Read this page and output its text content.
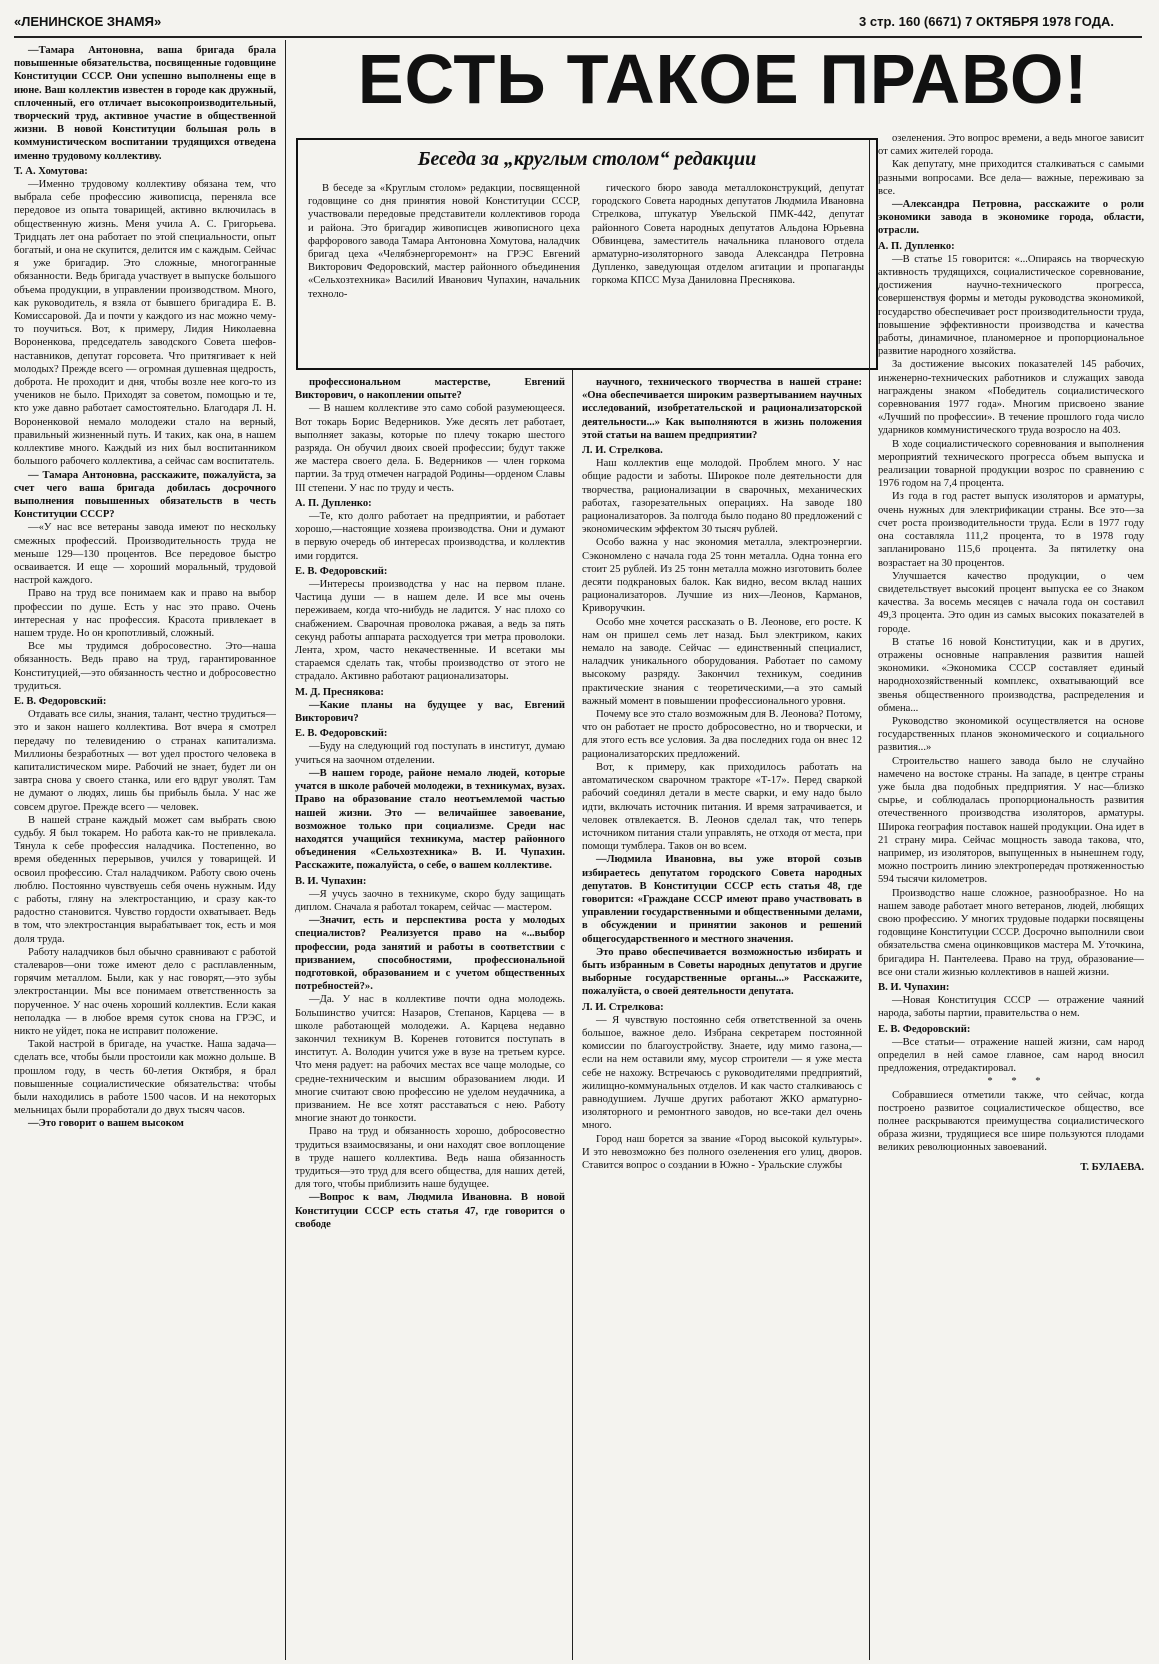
«ЛЕНИНСКОЕ ЗНАМЯ»	3 стр. 160 (6671) 7 ОКТЯБРЯ 1978 ГОДА.
ЕСТЬ ТАКОЕ ПРАВО!
Беседа за „круглым столом“ редакции

В беседе за «Круглым столом» редакции, посвященной годовщине со дня принятия новой Конституции СССР, участвовали передовые представители коллективов города и района. Это бригадир живописцев живописного цеха фарфорового завода Тамара Антоновна Хомутова, наладчик бригад цеха «Челябэнергоремонт» на ГРЭС Евгений Викторович Федоровский, мастер районного объединения «Сельхозтехника» Василий Иванович Чупахин, начальник техноло-

гического бюро завода металлоконструкций, депутат городского Совета народных депутатов Людмила Ивановна Стрелкова, штукатур Увельской ПМК-442, депутат районного Совета народных депутатов Альдона Юрьевна Обвинцева, заместитель начальника планового отдела арматурно-изоляторного завода Александра Петровна Дупленко, заведующая отделом агитации и пропаганды горкома КПСС Муза Даниловна Преснякова.

—Тамара Антоновна, ваша бригада брала повышенные обязательства, посвященные годовщине Конституции СССР. Они успешно выполнены еще в июне. Ваш коллектив известен в городе как дружный, сплоченный, его отличает высокопроизводительный, творческий труд, активное участие в общественной жизни. В новой Конституции большая роль в коммунистическом воспитании трудящихся отведена именно трудовому коллективу.

Т. А. Хомутова:

—Именно трудовому коллективу обязана тем, что выбрала себе профессию живописца, переняла все передовое из опыта товарищей, активно включилась в общественную жизнь. Меня учила А. С. Григорьева. Тридцать лет она работает по этой специальности, опыт богатый, и она не скупится, делится им с каждым. Сейчас я уже бригадир. Это сложные, многогранные обязанности. Ведь бригада участвует в выпуске большого объема продукции, в управлении производством. Много, как руководитель, я взяла от бывшего бригадира Е. В. Комиссаровой. Да и почти у каждого из нас можно чему-то поучиться. Вот, к примеру, Лидия Николаевна Вороненкова, председатель заводского Совета шефов-наставников, депутат горсовета. Что притягивает к ней молодых? Прежде всего — огромная душевная щедрость, доброта. Не проходит и дня, чтобы возле нее кого-то из учеников не было. Приходят за советом, помощью и те, кто уже давно работает самостоятельно. Благодаря Л. Н. Вороненковой немало молодежи стало на верный, правильный жизненный путь. И таких, как она, в нашем коллективе много. Каждый из них был воспитанником большого рабочего коллектива, а сейчас сам воспитатель.

— Тамара Антоновна, расскажите, пожалуйста, за счет чего ваша бригада добилась досрочного выполнения повышенных обязательств в честь Конституции СССР?

—«У нас все ветераны завода имеют по нескольку смежных профессий. Производительность труда не меньше 129—130 процентов. Все передовое быстро осваивается. И еще — хороший моральный, трудовой настрой каждого.

Право на труд все понимаем как и право на выбор профессии по душе. Есть у нас это право. Очень интересная у нас профессия. Красота привлекает в нашем труде. Но он кропотливый, сложный.

Все мы трудимся добросовестно. Это—наша обязанность. Ведь право на труд, гарантированное Конституцией,—это обязанность честно и добросовестно трудиться.

Е. В. Федоровский:

Отдавать все силы, знания, талант, честно трудиться—это и закон нашего коллектива. Вот вчера я смотрел передачу по телевидению о странах капитализма. Миллионы безработных — вот удел простого человека в капиталистическом мире. Рабочий не знает, будет ли он завтра снова у своего станка, или его вдруг уволят. Там не думают о людях, лишь бы прибыль была. У нас же совсем другое. Прежде всего — человек.

В нашей стране каждый может сам выбрать свою судьбу. Я был токарем. Но работа как-то не привлекала. Тянула к себе профессия наладчика. Постепенно, во время обеденных перерывов, учился у товарищей. И освоил профессию. Стал наладчиком. Работу свою очень люблю. Постоянно чувствуешь себя очень нужным. Иду с работы, гляну на электростанцию, и сразу как-то радостно становится. Чувство гордости охватывает. Ведь в том, что электростанция вырабатывает ток, есть и моя доля труда.

Работу наладчиков был обычно сравнивают с работой сталеваров—они тоже имеют дело с расплавленным, горячим металлом. Были, как у нас говорят,—это зубы электростанции. Мы все понимаем ответственность за порученное. У нас очень хороший коллектив. Если какая неполадка — в любое время суток снова на ГРЭС, и никто не уйдет, пока не исправит положение.

Такой настрой в бригаде, на участке. Наша задача—сделать все, чтобы были простоили как можно дольше. В прошлом году, в честь 60-летия Октября, я брал повышенные социалистические обязательства: чтобы были находились в работе 1500 часов. И на некоторых мельницах были проработали до двух тысяч часов.

—Это говорит о вашем высоком

профессиональном мастерстве, Евгений Викторович, о накоплении опыте?

— В нашем коллективе это само собой разумеющееся. Вот токарь Борис Ведерников. Уже десять лет работает, выполняет заказы, которые по плечу токарю шестого разряда. Он обучил двоих своей профессии; будут также же мастера своего дела. Б. Ведерников — член горкома партии. За труд отмечен наградой Родины—орденом Славы III степени. У нас по труду и честь.

А. П. Дупленко:

—Те, кто долго работает на предприятии, и работает хорошо,—настоящие хозяева производства. Они и думают в первую очередь об интересах производства, и коллектив ими гордится.

Е. В. Федоровский:

—Интересы производства у нас на первом плане. Частица души — в нашем деле. И все мы очень переживаем, когда что-нибудь не ладится. У нас плохо со снабжением. Сварочная проволока ржавая, а ведь за пять секунд работы аппарата расходуется три метра проволоки. Лента, хром, часто некачественные. И всетаки мы стараемся сделать так, чтобы производство от этого не страдало. Активно работают рационализаторы.

М. Д. Преснякова:

—Какие планы на будущее у вас, Евгений Викторович?

Е. В. Федоровский:

—Буду на следующий год поступать в институт, думаю учиться на заочном отделении.

—В нашем городе, районе немало людей, которые учатся в школе рабочей молодежи, в техникумах, вузах. Право на образование стало неотъемлемой частью нашей жизни. Это — величайшее завоевание, возможное только при социализме. Среди нас находятся учащийся техникума, мастер районного объединения «Сельхозтехника» В. И. Чупахин. Расскажите, пожалуйста, о себе, о вашем коллективе.

В. И. Чупахин:

—Я учусь заочно в техникуме, скоро буду защищать диплом. Сначала я работал токарем, сейчас — мастером.

—Значит, есть и перспектива роста у молодых специалистов? Реализуется право на «...выбор профессии, рода занятий и работы в соответствии с призванием, способностями, профессиональной подготовкой, образованием и с учетом общественных потребностей?».

—Да. У нас в коллективе почти одна молодежь. Большинство учится: Назаров, Степанов, Карцева — в школе работающей молодежи. А. Карцева недавно закончил техникум В. Коренев готовится поступать в институт. А. Володин учится уже в вузе на третьем курсе. Что меня радует: на рабочих местах все чаще молодые, со средне-техническим и высшим образованием люди. И многие считают свою профессию не уделом неудачника, а призванием. Не все хотят расставаться с нею. Работу многие знают до тонкости.

Право на труд и обязанность хорошо, добросовестно трудиться взаимосвязаны, и они находят свое воплощение в труде нашего коллектива. Ведь наша обязанность трудиться—это труд для всего общества, для наших детей, для того, чтобы приблизить наше будущее.

—Вопрос к вам, Людмила Ивановна. В новой Конституции СССР есть статья 47, где говорится о свободе

научного, технического творчества в нашей стране: «Она обеспечивается широким развертыванием научных исследований, изобретательской и рационализаторской деятельности...» Как выполняются в жизнь положения этой статьи на вашем предприятии?

Л. И. Стрелкова.

Наш коллектив еще молодой. Проблем много. У нас общие радости и заботы. Широкое поле деятельности для творчества, рационализации в сварочных, механических работах, газорезательных операциях. На заводе 180 рационализаторов. За полгода было подано 80 предложений с экономическим эффектом 30 тысяч рублей.

Особо важна у нас экономия металла, электроэнергии. Сэкономлено с начала года 25 тонн металла. Одна тонна его стоит 25 рублей. Из 25 тонн металла можно изготовить более десяти подкрановых балок. Как видно, весом вклад наших рационализаторов. Лучшие из них—Леонов, Карманов, Криворучкин.

Особо мне хочется рассказать о В. Леонове, его росте. К нам он пришел семь лет назад. Был электриком, каких немало на заводе. Сейчас — единственный специалист, наладчик уникального оборудования. Работает по самому высокому разряду. Закончил техникум, соединив практические знания с теоретическими,—а это самый важный момент в повышении профессионального уровня.

Почему все это стало возможным для В. Леонова? Потому, что он работает не просто добросовестно, но и творчески, и для этого есть все условия. За два последних года он внес 12 рационализаторских предложений.

Вот, к примеру, как приходилось работать на автоматическом сварочном тракторе «Т-17». Перед сваркой рабочий соединял детали в месте сварки, и ему надо было идти, включать источник питания. И время затрачивается, и человек отвлекается. В. Леонов сделал так, что теперь источником питания стали управлять, не отходя от места, при помощи тумблера. Таков он во всем.

—Людмила Ивановна, вы уже второй созыв избираетесь депутатом городского Совета народных депутатов. В Конституции СССР есть статья 48, где говорится: «Граждане СССР имеют право участвовать в управлении государственными и общественными делами, в обсуждении и принятии законов и решений общегосударственного и местного значения.

Это право обеспечивается возможностью избирать и быть избранным в Советы народных депутатов и другие выборные государственные органы...» Расскажите, пожалуйста, о своей деятельности депутата.

Л. И. Стрелкова:

— Я чувствую постоянно себя ответственной за очень большое, важное дело. Избрана секретарем постоянной комиссии по благоустройству. Знаете, иду мимо газона,—если на нем оставили яму, мусор строители — я уже места себе не нахожу. Встречаюсь с руководителями предприятий, жилищно-коммунальных отделов. И как часто сталкиваюсь с равнодушием. Лучше других работают ЖКО арматурно-изоляторного и ремонтного заводов, но все-таки дел очень много.

Город наш борется за звание «Город высокой культуры». И это невозможно без полного озеленения его улиц, дворов. Ставится вопрос о создании в Южно - Уральские службы

озеленения. Это вопрос времени, а ведь многое зависит от самих жителей города.

Как депутату, мне приходится сталкиваться с самыми разными вопросами. Все дела— важные, переживаю за все.

—Александра Петровна, расскажите о роли экономики завода в экономике города, области, отрасли.

А. П. Дупленко:

—В статье 15 говорится: «...Опираясь на творческую активность трудящихся, социалистическое соревнование, достижения научно-технического прогресса, совершенствуя формы и методы руководства экономикой, государство обеспечивает рост производительности труда, повышение эффективности производства и качества работы, динамичное, планомерное и пропорциональное развитие народного хозяйства.

За достижение высоких показателей 145 рабочих, инженерно-технических работников и служащих завода награждены знаком «Победитель социалистического соревнования 1977 года». Многим присвоено звание «Лучший по профессии». В течение прошлого года число ударников коммунистического труда возросло на 403.

В ходе социалистического соревнования и выполнения мероприятий технического прогресса объем выпуска и реализации товарной продукции возрос по сравнению с 1976 годом на 7,4 процента.

Из года в год растет выпуск изоляторов и арматуры, очень нужных для электрификации страны. Все это—за счет роста производительности труда. Если в 1977 году она составляла 111,2 процента, то в 1978 году запланировано 115,6 процента. За пятилетку она возрастает на 30 процентов.

Улучшается качество продукции, о чем свидетельствует высокий процент выпуска ее со Знаком качества. За восемь месяцев с начала года он составил 49,3 процента. Это один из самых высоких показателей в городе.

В статье 16 новой Конституции, как и в других, отражены основные направления развития нашей экономики. «Экономика СССР составляет единый народнохозяйственный комплекс, охватывающий все звенья общественного производства, распределения и обмена...

Руководство экономикой осуществляется на основе государственных планов экономического и социального развития...»

Строительство нашего завода было не случайно намечено на востоке страны. На западе, в центре страны уже была два подобных предприятия. У нас—близко сырье, и соблюдалась пропорциональность развития отечественного производства изоляторов, арматуры. Широка география поставок нашей продукции. Она идет в 21 страну мира. Сейчас мощность завода такова, что, например, из изоляторов, выпущенных в нынешнем году, можно построить линию электропередач протяженностью 594 тысячи километров.

Производство наше сложное, разнообразное. Но на нашем заводе работает много ветеранов, людей, любящих свою профессию. У многих трудовые подарки посвящены годовщине Конституции СССР. Досрочно выполнили свои обязательства смена оцинковщиков мастера М. Уточкина, бригадира Н. Пантелеева. Право на труд, образование—все они стали жизнью коллективов в нашей жизни.

В. И. Чупахин:

—Новая Конституция СССР — отражение чаяний народа, заботы партии, правительства о нем.

Е. В. Федоровский:

—Все статьи— отражение нашей жизни, сам народ определил в ней самое главное, сам народ вносил предложения, отредактировал.

* * *

Собравшиеся отметили также, что сейчас, когда построено развитое социалистическое общество, все полнее раскрываются преимущества социалистического образа жизни, трудящиеся все шире пользуются плодами великих революционных завоеваний.

Т. БУЛАЕВА.
